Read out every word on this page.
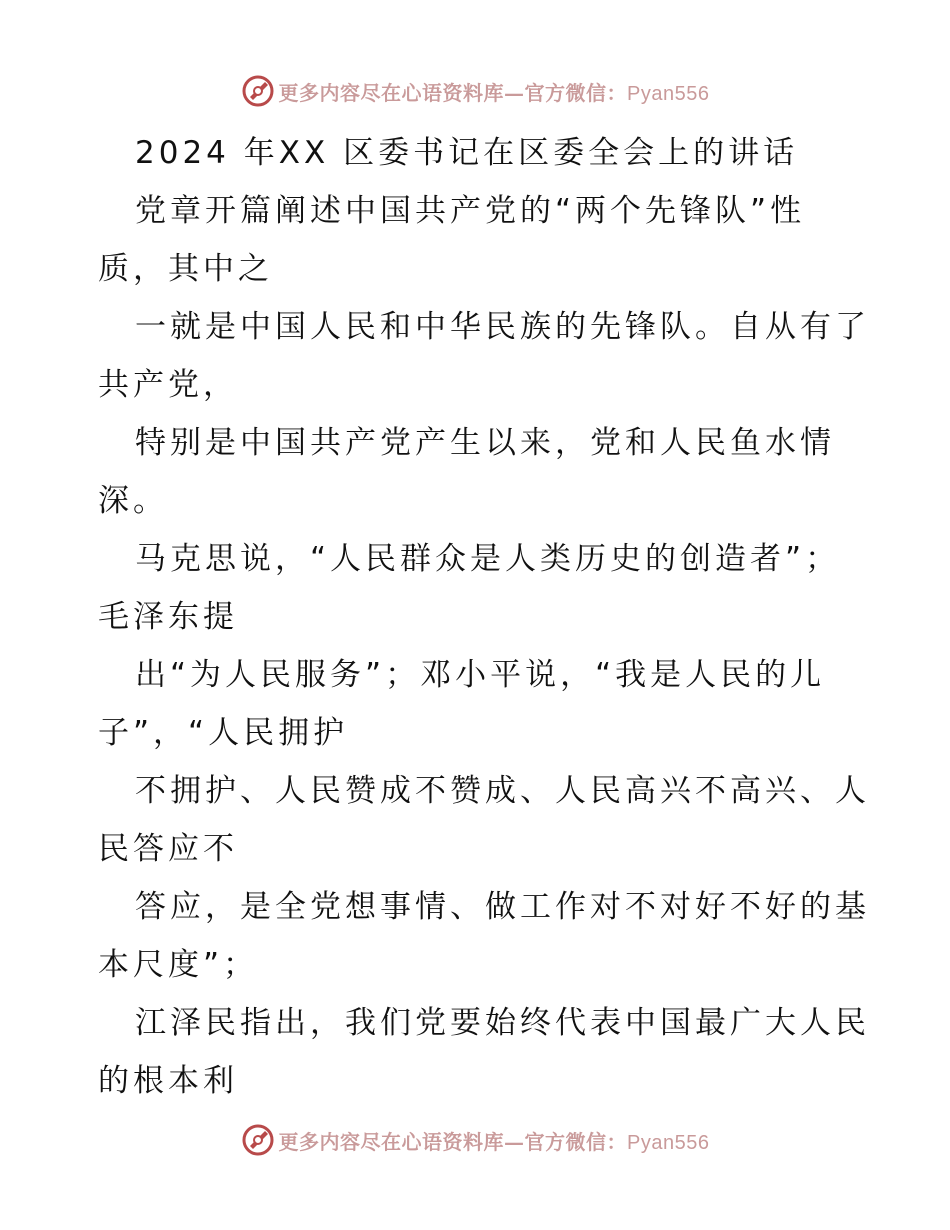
更多内容尽在心语资料库—官方微信：Pyan556
2024 年XX 区委书记在区委全会上的讲话
党章开篇阐述中国共产党的“两个先锋队”性
质，其中之
一就是中国人民和中华民族的先锋队。自从有了
共产党，
特别是中国共产党产生以来，党和人民鱼水情
深。
马克思说，“人民群众是人类历史的创造者”；
毛泽东提
出“为人民服务”；邓小平说，“我是人民的儿
子”，“人民拥护
不拥护、人民赞成不赞成、人民高兴不高兴、人
民答应不
答应，是全党想事情、做工作对不对好不好的基
本尺度”；
江泽民指出，我们党要始终代表中国最广大人民
的根本利
更多内容尽在心语资料库—官方微信：Pyan556
